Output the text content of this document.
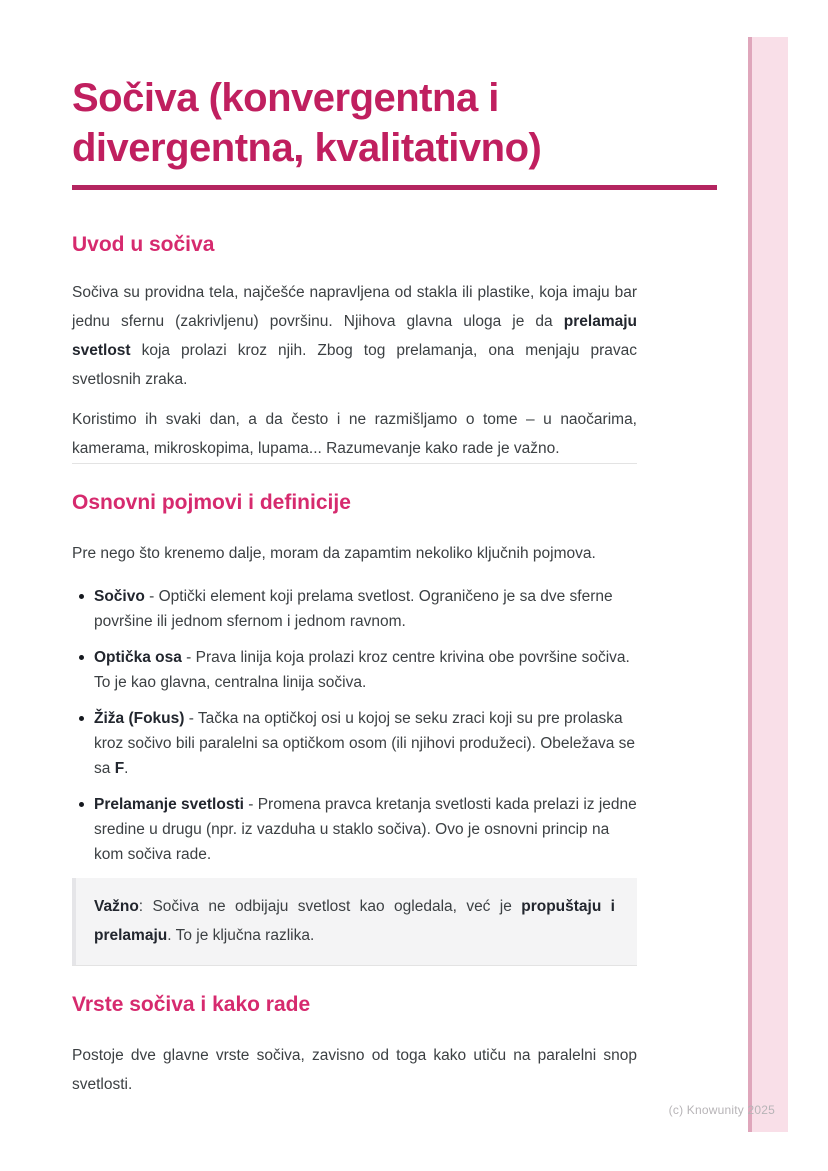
Sočiva (konvergentna i
divergentna, kvalitativno)
Uvod u sočiva

Sočiva su providna tela, najčešće napravljena od stakla ili plastike, koja imaju bar jednu sfernu (zakrivljenu) površinu. Njihova glavna uloga je da prelamaju svetlost koja prolazi kroz njih. Zbog tog prelamanja, ona menjaju pravac svetlosnih zraka.

Koristimo ih svaki dan, a da često i ne razmišljamo o tome – u naočarima, kamerama, mikroskopima, lupama... Razumevanje kako rade je važno.

Osnovni pojmovi i definicije

Pre nego što krenemo dalje, moram da zapamtim nekoliko ključnih pojmova.

Sočivo - Optički element koji prelama svetlost. Ograničeno je sa dve sferne površine ili jednom sfernom i jednom ravnom.
Optička osa - Prava linija koja prolazi kroz centre krivina obe površine sočiva. To je kao glavna, centralna linija sočiva.
Žiža (Fokus) - Tačka na optičkoj osi u kojoj se seku zraci koji su pre prolaska kroz sočivo bili paralelni sa optičkom osom (ili njihovi produžeci). Obeležava se sa F.
Prelamanje svetlosti - Promena pravca kretanja svetlosti kada prelazi iz jedne sredine u drugu (npr. iz vazduha u staklo sočiva). Ovo je osnovni princip na kom sočiva rade.

Važno: Sočiva ne odbijaju svetlost kao ogledala, već je propuštaju i prelamaju. To je ključna razlika.

Vrste sočiva i kako rade

Postoje dve glavne vrste sočiva, zavisno od toga kako utiču na paralelni snop svetlosti.

(c) Knowunity 2025
